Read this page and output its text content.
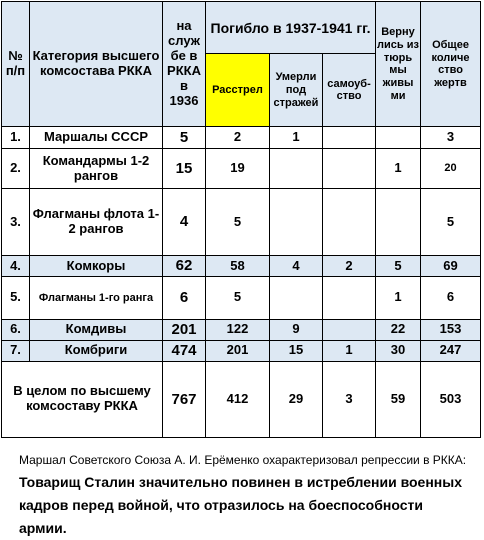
№ п/п	Категория высшего комсостава РККА	на служ бе в РККА в 1936	Погибло в 1937-1941 гг.			Верну лись из тюрь мы живы ми	Общее количе ство жертв
			Расстрел	Умерли под стражей	самоуб- ство		
1.	Маршалы СССР	5	2	1			3
2.	Командармы 1-2 рангов	15	19			1	20
3.	Флагманы флота 1-2 рангов	4	5				5
4.	Комкоры	62	58	4	2	5	69
5.	Флагманы 1-го ранга	6	5			1	6
6.	Комдивы	201	122	9		22	153
7.	Комбриги	474	201	15	1	30	247
В целом по высшему комсоставу РККА		767	412	29	3	59	503
Маршал Советского Союза А. И. Ерёменко охарактеризовал репрессии в РККА: Товарищ Сталин значительно повинен в истреблении военных кадров перед войной, что отразилось на боеспособности армии.
